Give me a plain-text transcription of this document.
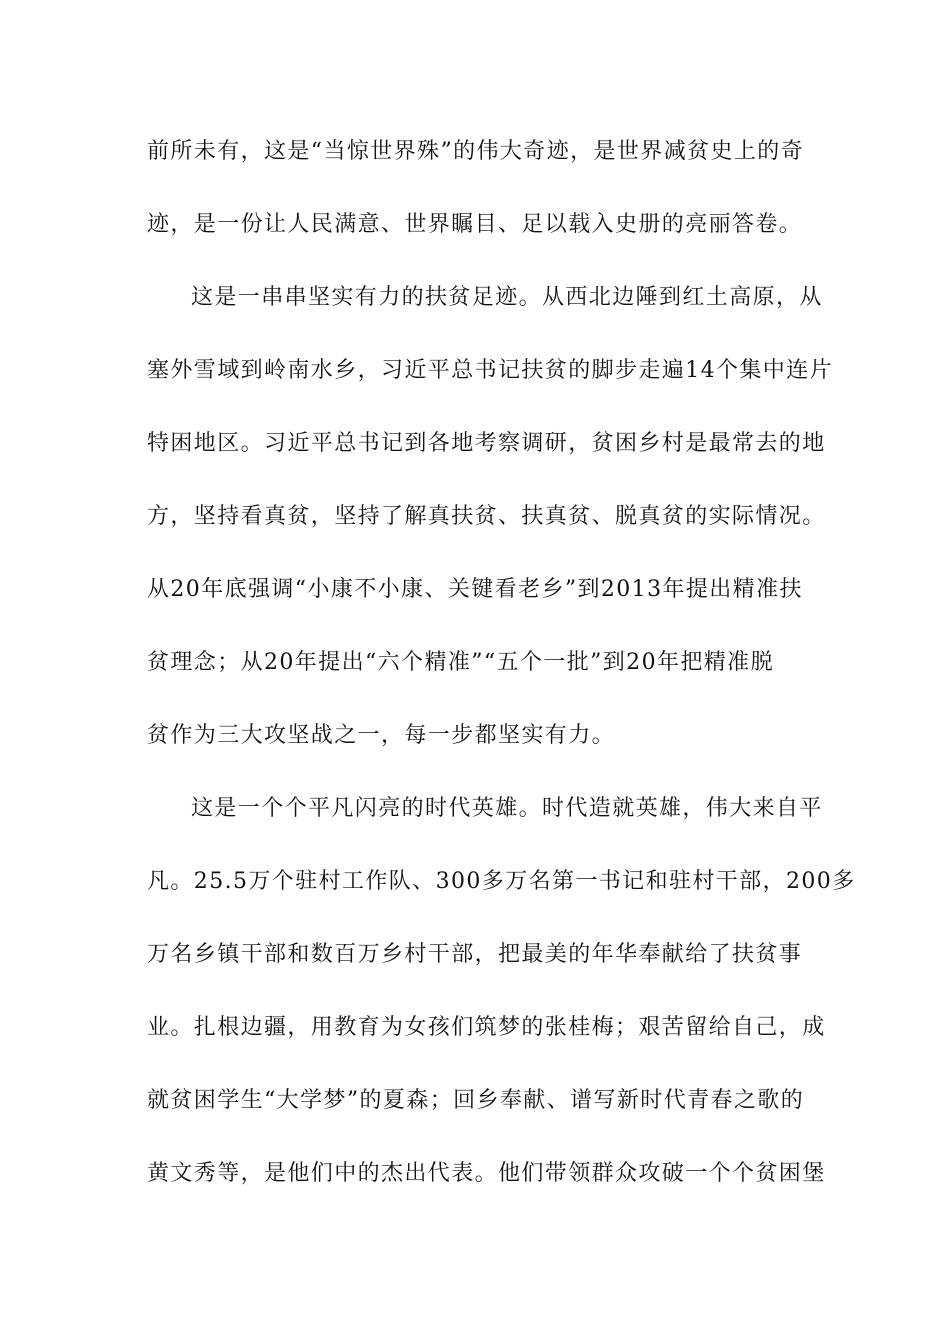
前所未有，这是“当惊世界殊”的伟大奇迹，是世界减贫史上的奇
迹，是一份让人民满意、世界瞩目、足以载入史册的亮丽答卷。
这是一串串坚实有力的扶贫足迹。从西北边陲到红土高原，从
塞外雪域到岭南水乡，习近平总书记扶贫的脚步走遍14个集中连片
特困地区。习近平总书记到各地考察调研，贫困乡村是最常去的地
方，坚持看真贫，坚持了解真扶贫、扶真贫、脱真贫的实际情况。
从20年底强调“小康不小康、关键看老乡”到2013年提出精准扶
贫理念；从20年提出“六个精准”“五个一批”到20年把精准脱
贫作为三大攻坚战之一，每一步都坚实有力。
这是一个个平凡闪亮的时代英雄。时代造就英雄，伟大来自平
凡。25.5万个驻村工作队、300多万名第一书记和驻村干部，200多
万名乡镇干部和数百万乡村干部，把最美的年华奉献给了扶贫事
业。扎根边疆，用教育为女孩们筑梦的张桂梅；艰苦留给自己，成
就贫困学生“大学梦”的夏森；回乡奉献、谱写新时代青春之歌的
黄文秀等，是他们中的杰出代表。他们带领群众攻破一个个贫困堡
